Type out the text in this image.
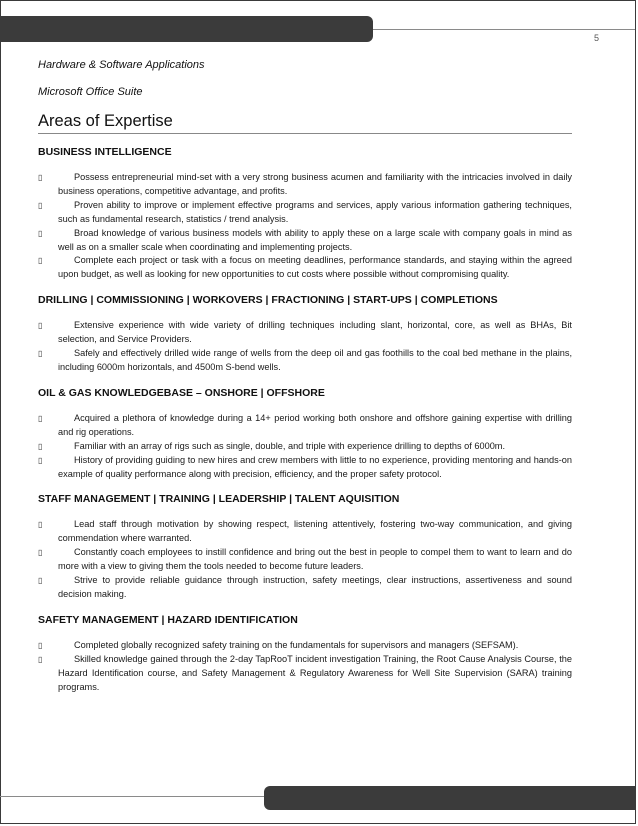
5

Hardware & Software Applications

Microsoft Office Suite

Areas of Expertise

BUSINESS INTELLIGENCE

▯	Possess entrepreneurial mind-set with a very strong business acumen and familiarity with the intricacies involved in daily business operations, competitive advantage, and profits.
▯	Proven ability to improve or implement effective programs and services, apply various information gathering techniques, such as fundamental research, statistics / trend analysis.
▯	Broad knowledge of various business models with ability to apply these on a large scale with company goals in mind as well as on a smaller scale when coordinating and implementing projects.
▯	Complete each project or task with a focus on meeting deadlines, performance standards, and staying within the agreed upon budget, as well as looking for new opportunities to cut costs where possible without compromising quality.

DRILLING | COMMISSIONING | WORKOVERS | FRACTIONING | START-UPS | COMPLETIONS

▯	Extensive experience with wide variety of drilling techniques including slant, horizontal, core, as well as BHAs, Bit selection, and Service Providers.
▯	Safely and effectively drilled wide range of wells from the deep oil and gas foothills to the coal bed methane in the plains, including 6000m horizontals, and 4500m S-bend wells.

OIL & GAS KNOWLEDGEBASE – ONSHORE | OFFSHORE

▯	Acquired a plethora of knowledge during a 14+ period working both onshore and offshore gaining expertise with drilling and rig operations.
▯	Familiar with an array of rigs such as single, double, and triple with experience drilling to depths of 6000m.
▯	History of providing guiding to new hires and crew members with little to no experience, providing mentoring and hands-on example of quality performance along with precision, efficiency, and the proper safety protocol.

STAFF MANAGEMENT | TRAINING | LEADERSHIP | TALENT AQUISITION

▯	Lead staff through motivation by showing respect, listening attentively, fostering two-way communication, and giving commendation where warranted.
▯	Constantly coach employees to instill confidence and bring out the best in people to compel them to want to learn and do more with a view to giving them the tools needed to become future leaders.
▯	Strive to provide reliable guidance through instruction, safety meetings, clear instructions, assertiveness and sound decision making.

SAFETY MANAGEMENT | HAZARD IDENTIFICATION

▯	Completed globally recognized safety training on the fundamentals for supervisors and managers (SEFSAM).
▯	Skilled knowledge gained through the 2-day TapRooT incident investigation Training, the Root Cause Analysis Course, the Hazard Identification course, and Safety Management & Regulatory Awareness for Well Site Supervision (SARA) training programs.
